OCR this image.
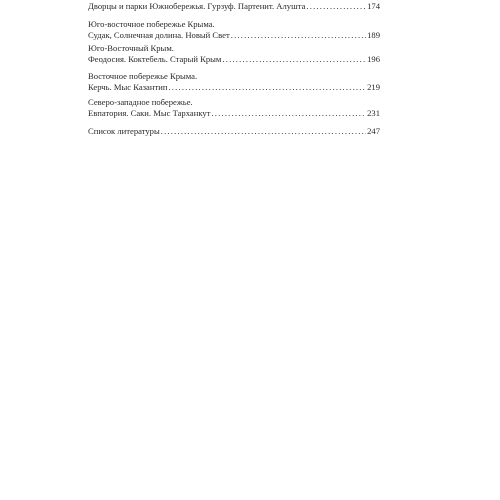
Дворцы и парки Южнобережья. Гурзуф. Партенит. Алушта .....	174
Юго-восточное побережье Крыма.
Судак, Солнечная долина. Новый Свет .....	189
Юго-Восточный Крым.
Феодосия. Коктебель. Старый Крым .....	196
Восточное побережье Крыма.
Керчь. Мыс Казантип .....	219
Северо-западное побережье.
Евпатория. Саки. Мыс Тарханкут .....	231
Список литературы .....	247
